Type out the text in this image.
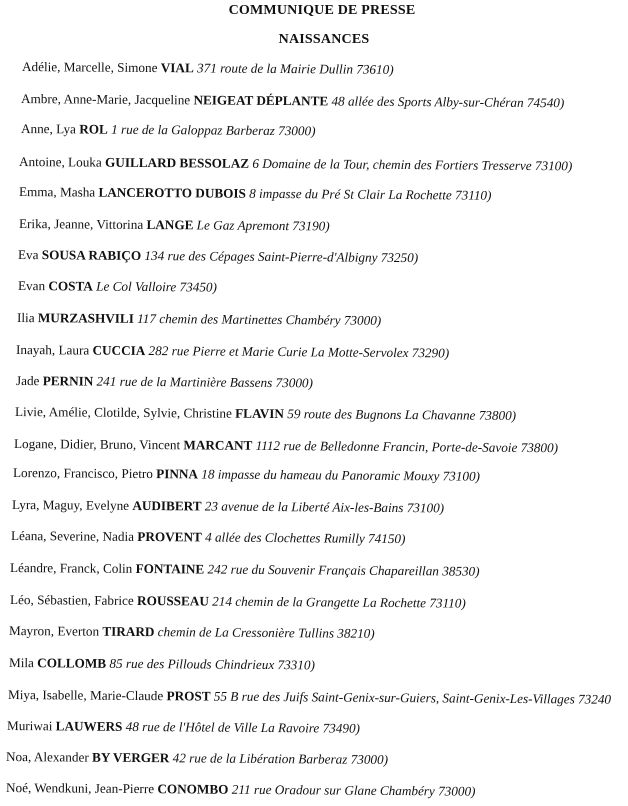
COMMUNIQUE DE PRESSE
NAISSANCES
Adélie, Marcelle, Simone VIAL 371 route de la Mairie Dullin 73610)
Ambre, Anne-Marie, Jacqueline NEIGEAT DÉPLANTE 48 allée des Sports Alby-sur-Chéran 74540)
Anne, Lya ROL 1 rue de la Galoppaz Barberaz 73000)
Antoine, Louka GUILLARD BESSOLAZ 6 Domaine de la Tour, chemin des Fortiers Tresserve 73100)
Emma, Masha LANCEROTTO DUBOIS 8 impasse du Pré St Clair La Rochette 73110)
Erika, Jeanne, Vittorina LANGE Le Gaz Apremont 73190)
Eva SOUSA RABIÇO 134 rue des Cépages Saint-Pierre-d'Albigny 73250)
Evan COSTA Le Col Valloire 73450)
Ilia MURZASHVILI 117 chemin des Martinettes Chambéry 73000)
Inayah, Laura CUCCIA 282 rue Pierre et Marie Curie La Motte-Servolex 73290)
Jade PERNIN 241 rue de la Martinière Bassens 73000)
Livie, Amélie, Clotilde, Sylvie, Christine FLAVIN 59 route des Bugnons La Chavanne 73800)
Logane, Didier, Bruno, Vincent MARCANT 1112 rue de Belledonne Francin, Porte-de-Savoie 73800)
Lorenzo, Francisco, Pietro PINNA 18 impasse du hameau du Panoramic Mouxy 73100)
Lyra, Maguy, Evelyne AUDIBERT 23 avenue de la Liberté Aix-les-Bains 73100)
Léana, Severine, Nadia PROVENT 4 allée des Clochettes Rumilly 74150)
Léandre, Franck, Colin FONTAINE 242 rue du Souvenir Français Chapareillan 38530)
Léo, Sébastien, Fabrice ROUSSEAU 214 chemin de la Grangette La Rochette 73110)
Mayron, Everton TIRARD chemin de La Cressonière Tullins 38210)
Mila COLLOMB 85 rue des Pillouds Chindrieux 73310)
Miya, Isabelle, Marie-Claude PROST 55 B rue des Juifs Saint-Genix-sur-Guiers, Saint-Genix-Les-Villages 73240
Muriwai LAUWERS 48 rue de l'Hôtel de Ville La Ravoire 73490)
Noa, Alexander BY VERGER 42 rue de la Libération Barberaz 73000)
Noé, Wendkuni, Jean-Pierre CONOMBO 211 rue Oradour sur Glane Chambéry 73000)
